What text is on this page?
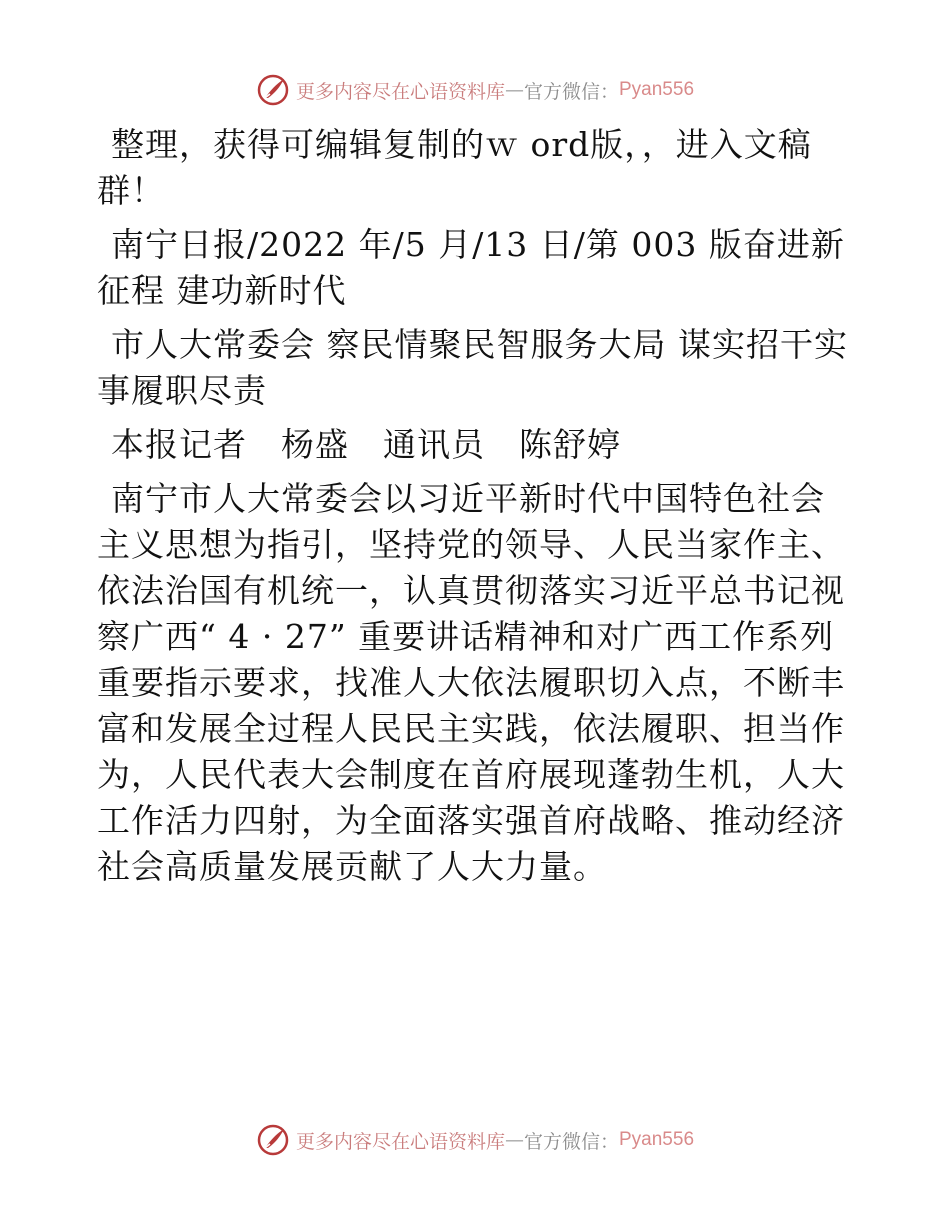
更多内容尽在心语资料库 — 官方微信： Pyan556

整理，获得可编辑复制的ｗ ord版，，进入文稿群！

南宁日报/2022 年/5 月/13 日/第 003 版奋进新征程 建功新时代

市人大常委会 察民情聚民智服务大局 谋实招干实事履职尽责

本报记者　杨盛　通讯员　陈舒婷

南宁市人大常委会以习近平新时代中国特色社会主义思想为指引，坚持党的领导、人民当家作主、依法治国有机统一，认真贯彻落实习近平总书记视察广西“ 4 · 27” 重要讲话精神和对广西工作系列重要指示要求，找准人大依法履职切入点，不断丰富和发展全过程人民民主实践，依法履职、担当作为，人民代表大会制度在首府展现蓬勃生机，人大工作活力四射，为全面落实强首府战略、推动经济社会高质量发展贡献了人大力量。

更多内容尽在心语资料库 — 官方微信： Pyan556
